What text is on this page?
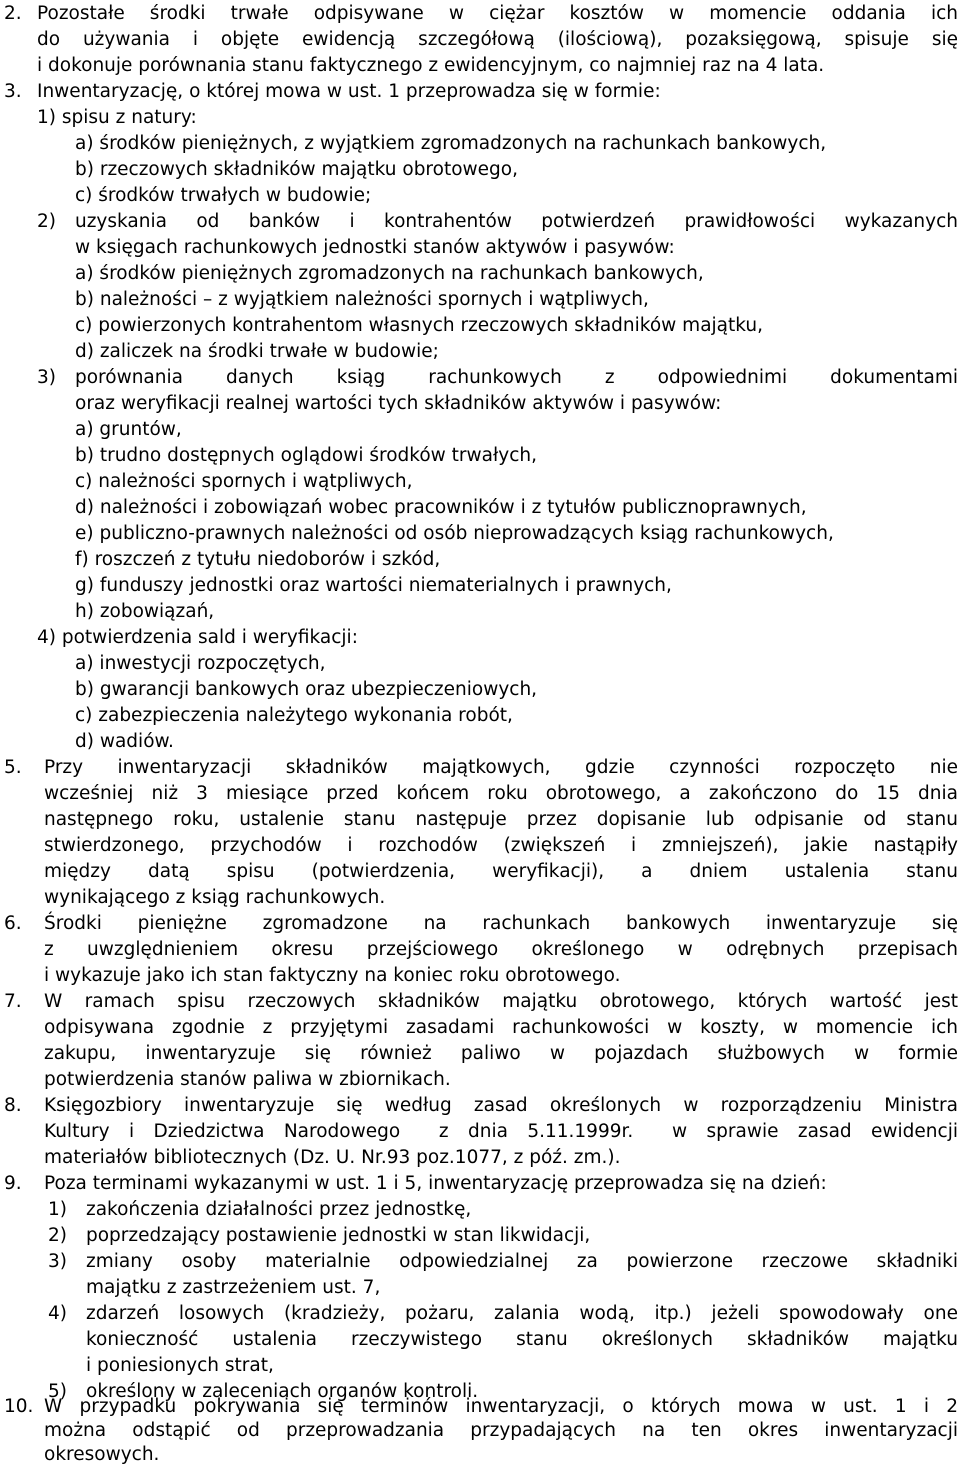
2. Pozostałe środki trwałe odpisywane w ciężar kosztów w momencie oddania ich
do używania i objęte ewidencją szczegółową (ilościową), pozaksięgową, spisuje się
i dokonuje porównania stanu faktycznego z ewidencyjnym, co najmniej raz na 4 lata.
3. Inwentaryzację, o której mowa w ust. 1 przeprowadza się w formie:
1) spisu z natury:
a) środków pieniężnych, z wyjątkiem zgromadzonych na rachunkach bankowych,
b) rzeczowych składników majątku obrotowego,
c) środków trwałych w budowie;
2) uzyskania od banków i kontrahentów potwierdzeń prawidłowości wykazanych
w księgach rachunkowych jednostki stanów aktywów i pasywów:
a) środków pieniężnych zgromadzonych na rachunkach bankowych,
b) należności – z wyjątkiem należności spornych i wątpliwych,
c) powierzonych kontrahentom własnych rzeczowych składników majątku,
d) zaliczek na środki trwałe w budowie;
3) porównania danych ksiąg rachunkowych z odpowiednimi dokumentami
oraz weryfikacji realnej wartości tych składników aktywów i pasywów:
a) gruntów,
b) trudno dostępnych oglądowi środków trwałych,
c) należności spornych i wątpliwych,
d) należności i zobowiązań wobec pracowników i z tytułów publicznoprawnych,
e) publiczno-prawnych należności od osób nieprowadzących ksiąg rachunkowych,
f) roszczeń z tytułu niedoborów i szkód,
g) funduszy jednostki oraz wartości niematerialnych i prawnych,
h) zobowiązań,
4) potwierdzenia sald i weryfikacji:
a) inwestycji rozpoczętych,
b) gwarancji bankowych oraz ubezpieczeniowych,
c) zabezpieczenia należytego wykonania robót,
d) wadiów.
5. Przy inwentaryzacji składników majątkowych, gdzie czynności rozpoczęto nie
wcześniej niż 3 miesiące przed końcem roku obrotowego, a zakończono do 15 dnia
następnego roku, ustalenie stanu następuje przez dopisanie lub odpisanie od stanu
stwierdzonego, przychodów i rozchodów (zwiększeń i zmniejszeń), jakie nastąpiły
między datą spisu (potwierdzenia, weryfikacji), a dniem ustalenia stanu
wynikającego z ksiąg rachunkowych.
6. Środki pieniężne zgromadzone na rachunkach bankowych inwentaryzuje się
z uwzględnieniem okresu przejściowego określonego w odrębnych przepisach
i wykazuje jako ich stan faktyczny na koniec roku obrotowego.
7. W ramach spisu rzeczowych składników majątku obrotowego, których wartość jest
odpisywana zgodnie z przyjętymi zasadami rachunkowości w koszty, w momencie ich
zakupu, inwentaryzuje się również paliwo w pojazdach służbowych w formie
potwierdzenia stanów paliwa w zbiornikach.
8. Księgozbiory inwentaryzuje się według zasad określonych w rozporządzeniu Ministra
Kultury i Dziedzictwa Narodowego  z dnia 5.11.1999r.  w sprawie zasad ewidencji
materiałów bibliotecznych (Dz. U. Nr.93 poz.1077, z póź. zm.).
9. Poza terminami wykazanymi w ust. 1 i 5, inwentaryzację przeprowadza się na dzień:
1) zakończenia działalności przez jednostkę,
2) poprzedzający postawienie jednostki w stan likwidacji,
3) zmiany osoby materialnie odpowiedzialnej za powierzone rzeczowe składniki
majątku z zastrzeżeniem ust. 7,
4) zdarzeń losowych (kradzieży, pożaru, zalania wodą, itp.) jeżeli spowodowały one
konieczność ustalenia rzeczywistego stanu określonych składników majątku
i poniesionych strat,
5) określony w zaleceniach organów kontroli.
10. W przypadku pokrywania się terminów inwentaryzacji, o których mowa w ust. 1 i 2
można odstąpić od przeprowadzania przypadających na ten okres inwentaryzacji
okresowych.
